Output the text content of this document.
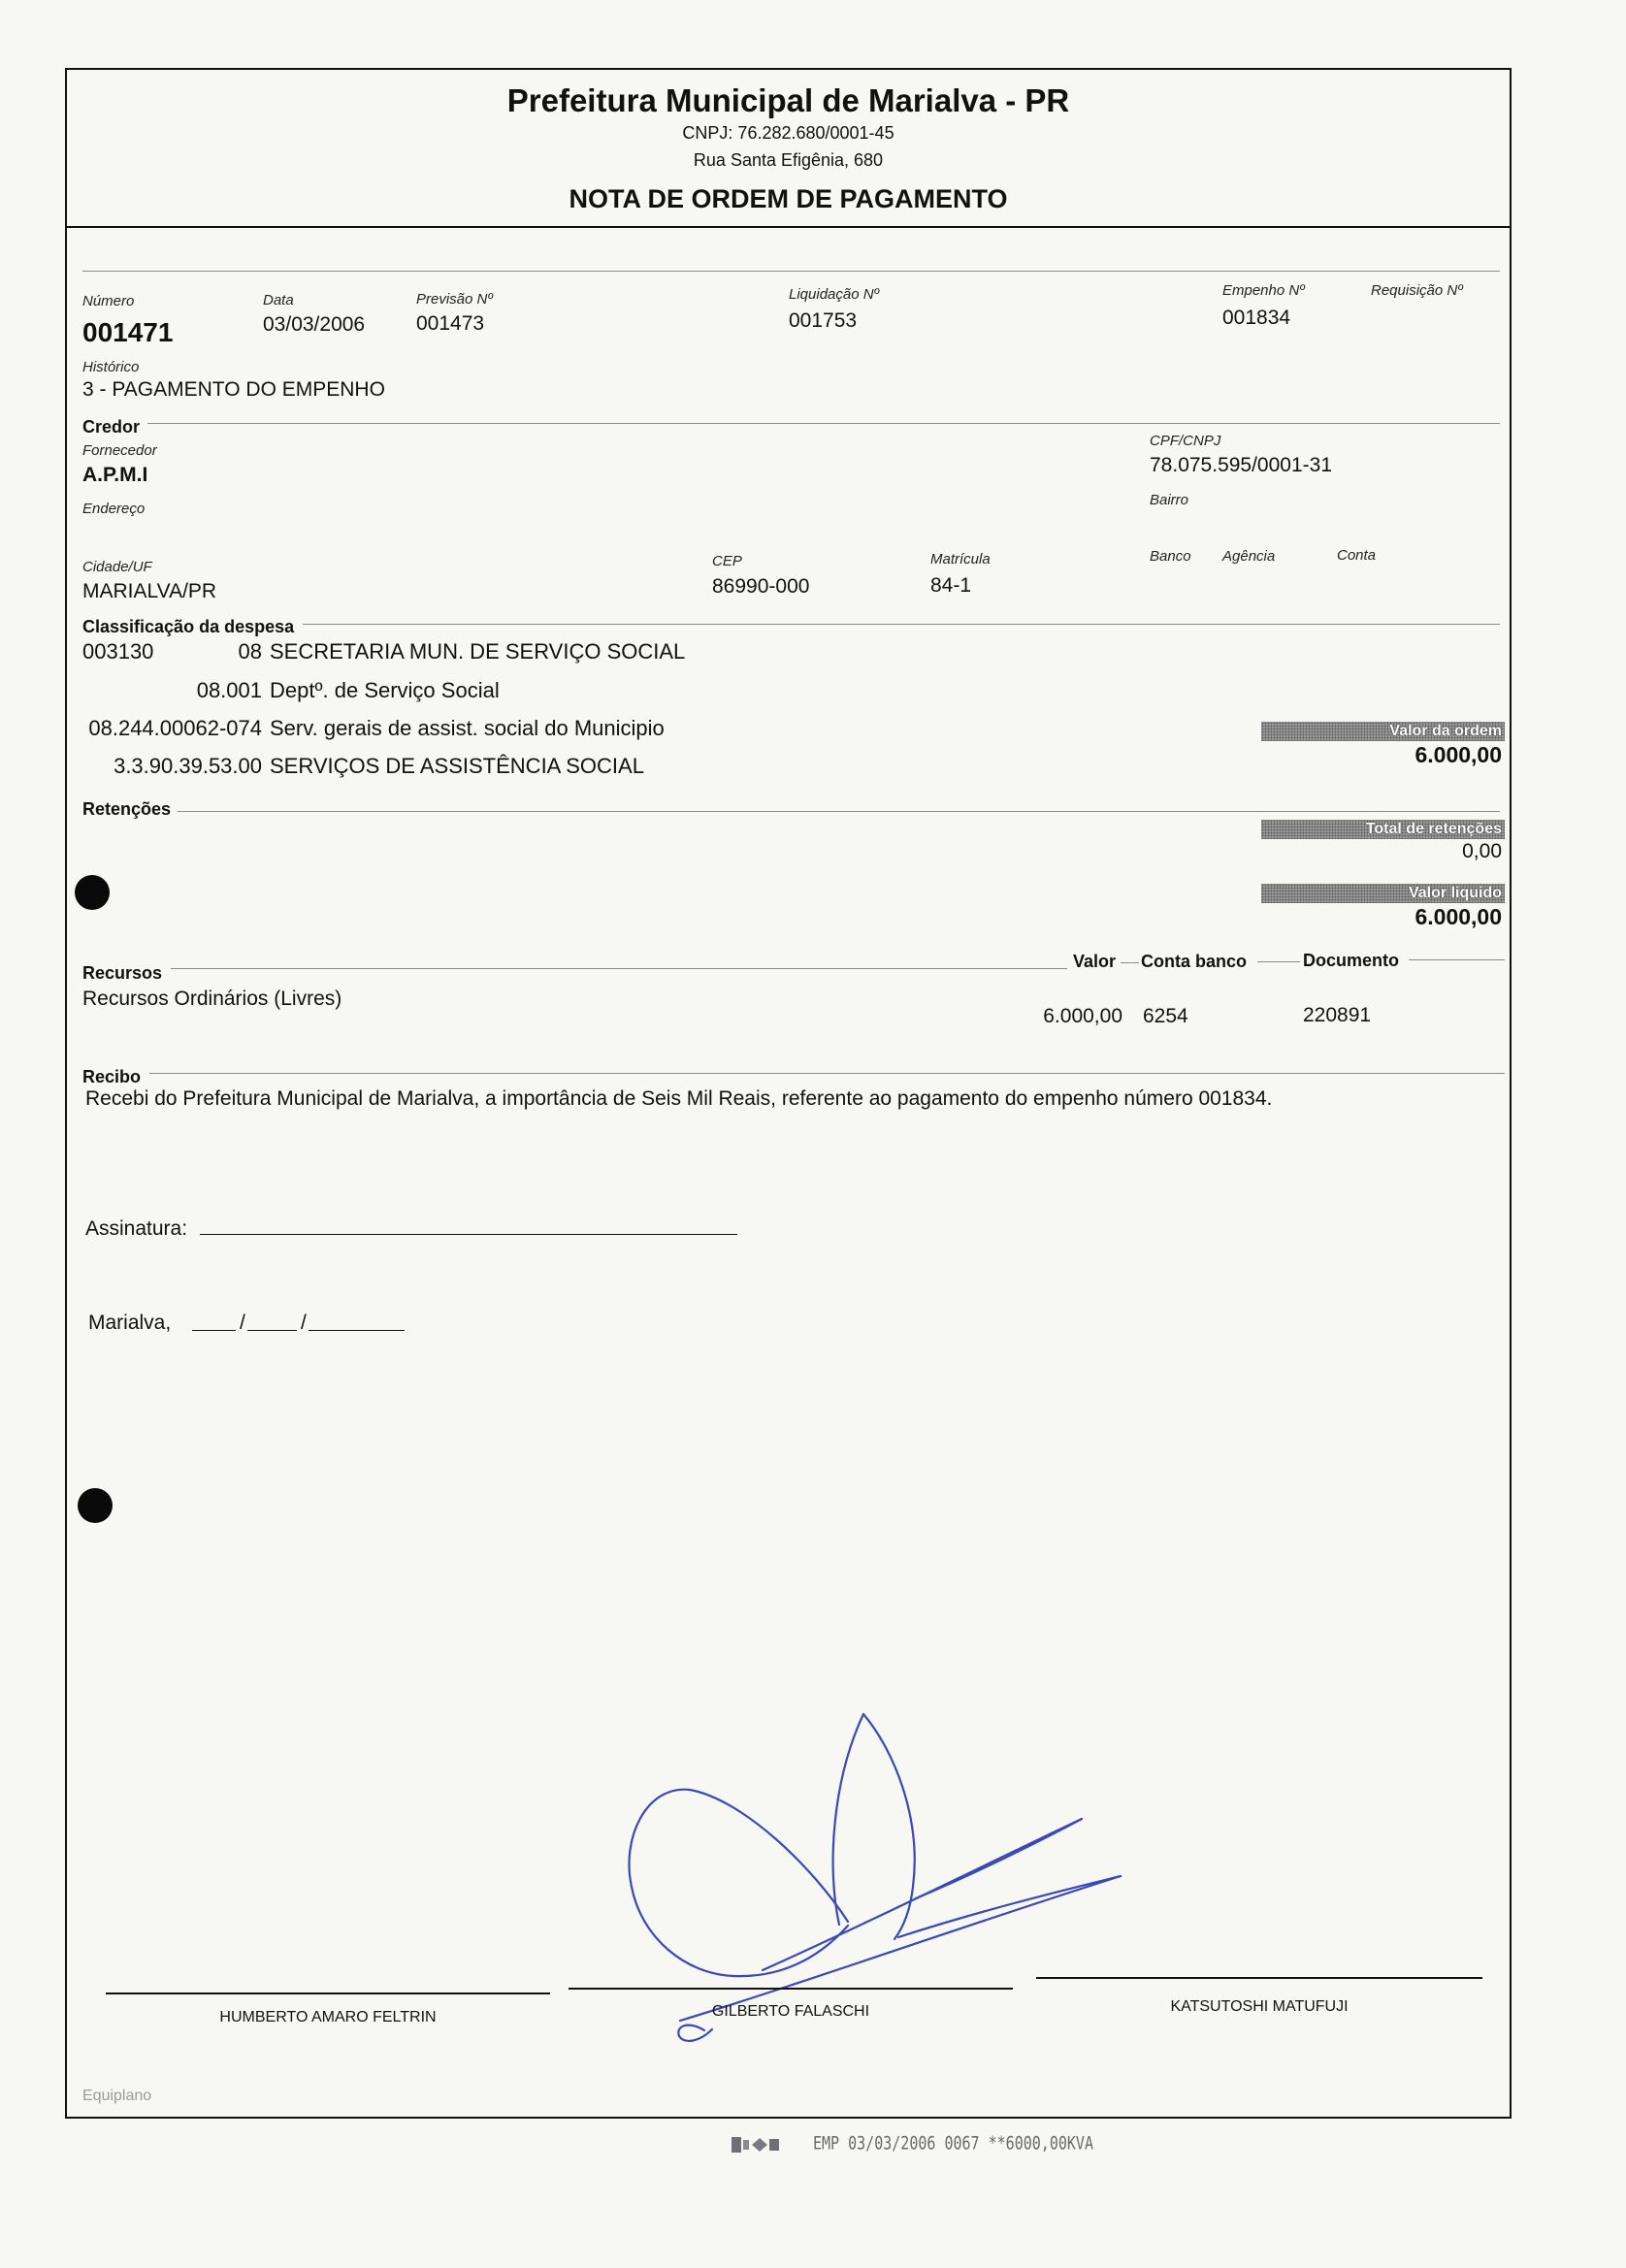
Prefeitura Municipal de Marialva - PR
CNPJ: 76.282.680/0001-45
Rua Santa Efigênia, 680
NOTA DE ORDEM DE PAGAMENTO
Número
001471
Data
03/03/2006
Previsão Nº
001473
Liquidação Nº
001753
Empenho Nº
001834
Requisição Nº
Histórico
3 - PAGAMENTO DO EMPENHO
Credor
Fornecedor
A.P.M.I
CPF/CNPJ
78.075.595/0001-31
Endereço
Bairro
Cidade/UF
MARIALVA/PR
CEP
86990-000
Matrícula
84-1
Banco Agência	Conta
Classificação da despesa
003130	08 SECRETARIA MUN. DE SERVIÇO SOCIAL
08.001 Deptº. de Serviço Social
08.244.00062-074 Serv. gerais de assist. social do Municipio
3.3.90.39.53.00 SERVIÇOS DE ASSISTÊNCIA SOCIAL
Valor da ordem
6.000,00
Retenções
Total de retenções
0,00
Valor liquido
6.000,00
Recursos
Valor Conta banco	Documento
Recursos Ordinários (Livres)
6.000,00 6254	220891
Recibo
Recebi do Prefeitura Municipal de Marialva, a importância de Seis Mil Reais, referente ao pagamento do empenho número 001834.
Assinatura:
Marialva,	/	/
HUMBERTO AMARO FELTRIN	GILBERTO FALASCHI	KATSUTOSHI MATUFUJI
Equiplano
EMP 03/03/2006 0067 **6000,00KVA
